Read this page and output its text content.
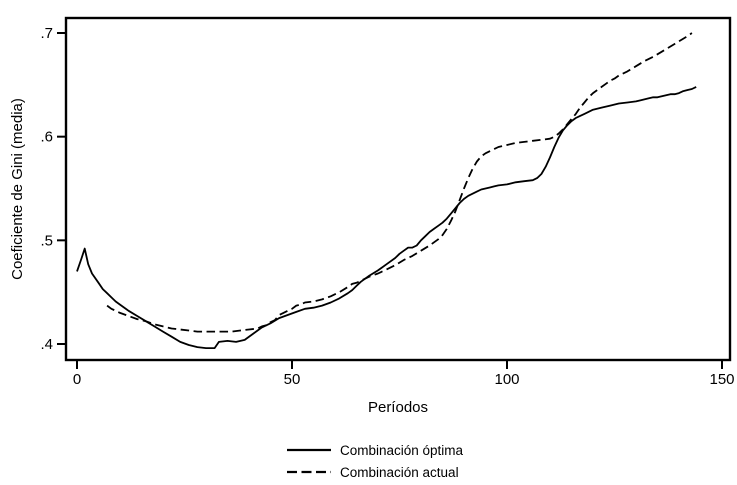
.4
.5
.6
.7
0	50	100	150
Períodos
Coeficiente de Gini (media)
Combinación óptima
Combinación actual
